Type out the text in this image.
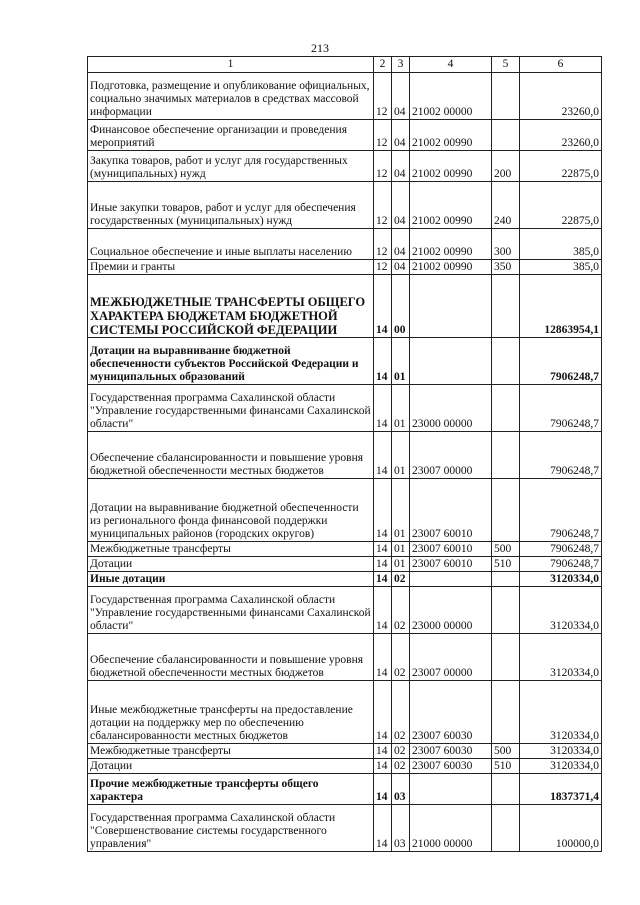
213
1	2	3	4	5	6
Подготовка, размещение и опубликование официальных, социально значимых материалов в средствах массовой информации	12	04	21002 00000		23260,0
Финансовое обеспечение организации и проведения мероприятий	12	04	21002 00990		23260,0
Закупка товаров, работ и услуг для государственных (муниципальных) нужд	12	04	21002 00990	200	22875,0
Иные закупки товаров, работ и услуг для обеспечения государственных (муниципальных) нужд	12	04	21002 00990	240	22875,0
Социальное обеспечение и иные выплаты населению	12	04	21002 00990	300	385,0
Премии и гранты	12	04	21002 00990	350	385,0
МЕЖБЮДЖЕТНЫЕ ТРАНСФЕРТЫ ОБЩЕГО ХАРАКТЕРА БЮДЖЕТАМ БЮДЖЕТНОЙ СИСТЕМЫ РОССИЙСКОЙ ФЕДЕРАЦИИ	14	00			12863954,1
Дотации на выравнивание бюджетной обеспеченности субъектов Российской Федерации и муниципальных образований	14	01			7906248,7
Государственная программа Сахалинской области "Управление государственными финансами Сахалинской области"	14	01	23000 00000		7906248,7
Обеспечение сбалансированности и повышение уровня бюджетной обеспеченности местных бюджетов	14	01	23007 00000		7906248,7
Дотации на выравнивание бюджетной обеспеченности из регионального фонда финансовой поддержки муниципальных районов (городских округов)	14	01	23007 60010		7906248,7
Межбюджетные трансферты	14	01	23007 60010	500	7906248,7
Дотации	14	01	23007 60010	510	7906248,7
Иные дотации	14	02			3120334,0
Государственная программа Сахалинской области "Управление государственными финансами Сахалинской области"	14	02	23000 00000		3120334,0
Обеспечение сбалансированности и повышение уровня бюджетной обеспеченности местных бюджетов	14	02	23007 00000		3120334,0
Иные межбюджетные трансферты на предоставление дотации на поддержку мер по обеспечению сбалансированности местных бюджетов	14	02	23007 60030		3120334,0
Межбюджетные трансферты	14	02	23007 60030	500	3120334,0
Дотации	14	02	23007 60030	510	3120334,0
Прочие межбюджетные трансферты общего характера	14	03			1837371,4
Государственная программа Сахалинской области "Совершенствование системы государственного управления"	14	03	21000 00000		100000,0
